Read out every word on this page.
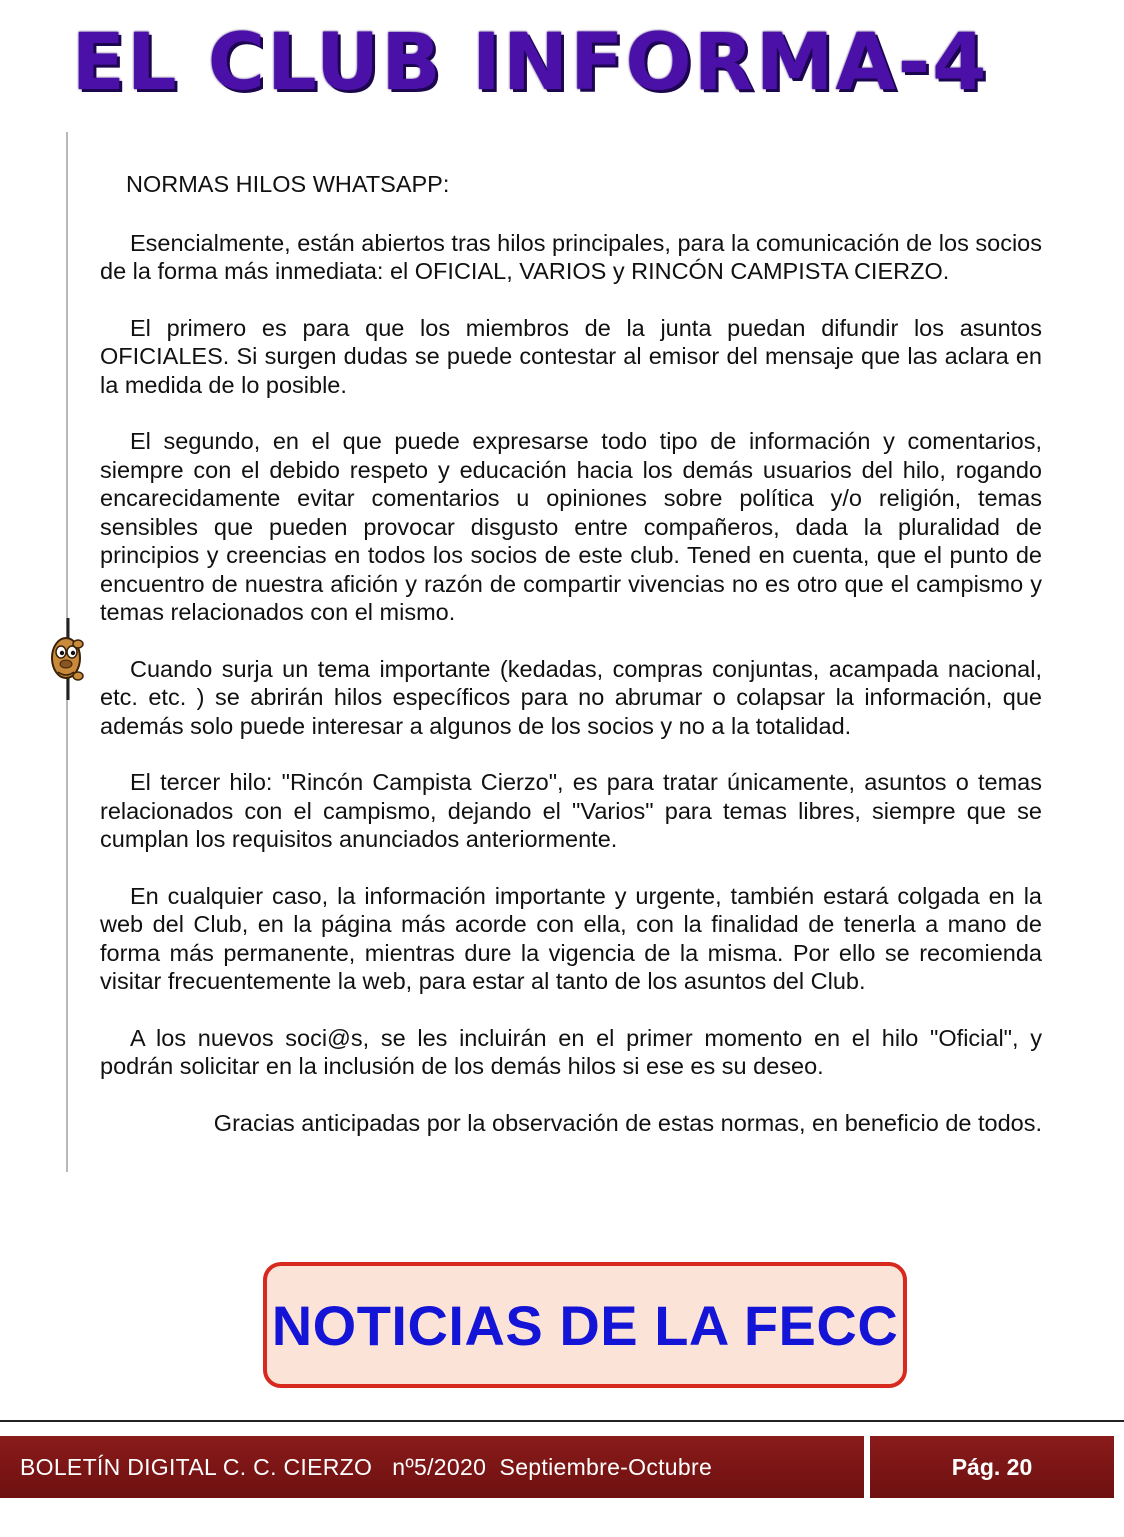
EL CLUB INFORMA-4

NORMAS HILOS WHATSAPP:

Esencialmente, están abiertos tras hilos principales, para la comunicación de los socios de la forma más inmediata: el OFICIAL, VARIOS y RINCÓN CAMPISTA CIERZO.

El primero es para que los miembros de la junta puedan difundir los asuntos OFICIALES. Si surgen dudas se puede contestar al emisor del mensaje que las aclara en la medida de lo posible.

El segundo, en el que puede expresarse todo tipo de información y comentarios, siempre con el debido respeto y educación hacia los demás usuarios del hilo, rogando encarecidamente evitar comentarios u opiniones sobre política y/o religión, temas sensibles que pueden provocar disgusto entre compañeros, dada la pluralidad de principios y creencias en todos los socios de este club. Tened en cuenta, que el punto de encuentro de nuestra afición y razón de compartir vivencias no es otro que el campismo y temas relacionados con el mismo.

Cuando surja un tema importante (kedadas, compras conjuntas, acampada nacional, etc. etc. ) se abrirán hilos específicos para no abrumar o colapsar la información, que además solo puede interesar a algunos de los socios y no a la totalidad.

El tercer hilo: "Rincón Campista Cierzo", es para tratar únicamente, asuntos o temas relacionados con el campismo, dejando el "Varios" para temas libres, siempre que se cumplan los requisitos anunciados anteriormente.

En cualquier caso, la información importante y urgente, también estará colgada en la web del Club, en la página más acorde con ella, con la finalidad de tenerla a mano de forma más permanente, mientras dure la vigencia de la misma. Por ello se recomienda visitar frecuentemente la web, para estar al tanto de los asuntos del Club.

A los nuevos soci@s, se les incluirán en el primer momento en el hilo "Oficial", y podrán solicitar en la inclusión de los demás hilos si ese es su deseo.

Gracias anticipadas por la observación de estas normas, en beneficio de todos.

NOTICIAS DE LA FECC
BOLETÍN DIGITAL C. C. CIERZO   nº5/2020  Septiembre-Octubre	Pág. 20
